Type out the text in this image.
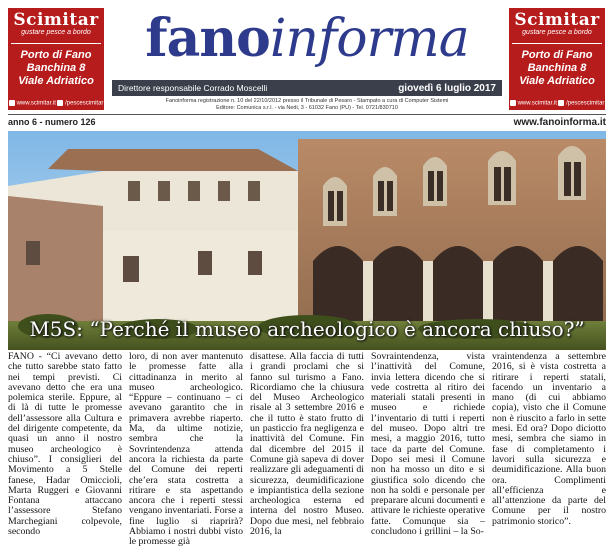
Scimitar
gustare pesce a bordo
Porto di Fano
Banchina 8
Viale Adriatico
www.scimitar.it	/pescescimitar
fanoinforma
Direttore responsabile Corrado Moscelli	giovedì 6 luglio 2017
Fanoinforma registrazione n. 10 del 22/10/2012 presso il Tribunale di Pesaro - Stampato a cura di Computer Sistemi
Editore: Comunica s.r.l. - via Nedi, 3 - 61032 Fano (PU) - Tel. 0721/830710
Scimitar
gustare pesce a bordo
Porto di Fano
Banchina 8
Viale Adriatico
www.scimitar.it	/pescescimitar
anno 6 - numero 126	www.fanoinforma.it
M5S: “Perché il museo archeologico è ancora chiuso?”
FANO - “Ci avevano detto che tutto sarebbe stato fatto nei tempi previsti. Ci avevano detto che era una polemica sterile. Eppure, al di là di tutte le promesse dell’assessore alla Cultura e del dirigente competente, da quasi un anno il nostro museo archeologico è chiuso”. I consiglieri del Movimento a 5 Stelle fanese, Hadar Omiccioli, Marta Ruggeri e Giovanni Fontana attaccano l’assessore Stefano Marchegiani colpevole, secondo
loro, di non aver mantenuto le promesse fatte alla cittadinanza in merito al museo archeologico. “Eppure – continuano – ci avevano garantito che in primavera avrebbe riaperto. Ma, da ultime notizie, sembra che la Sovrintendenza attenda ancora la richiesta da parte del Comune dei reperti che’era stata costretta a ritirare e sta aspettando ancora che i reperti stessi vengano inventariati. Forse a fine luglio si riaprirà? Abbiamo i nostri dubbi visto le promesse già
disattese. Alla faccia di tutti i grandi proclami che si fanno sul turismo a Fano. Ricordiamo che la chiusura del Museo Archeologico risale al 3 settembre 2016 e che il tutto è stato frutto di un pasticcio fra negligenza e inattività del Comune. Fin dal dicembre del 2015 il Comune già sapeva di dover realizzare gli adeguamenti di sicurezza, deumidificazione e impiantistica della sezione archeologica esterna ed interna del nostro Museo. Dopo due mesi, nel febbraio 2016, la
Sovraintendenza, vista l’inattività del Comune, invia lettera dicendo che si vede costretta al ritiro dei materiali statali presenti in museo e richiede l’inventario di tutti i reperti del museo. Dopo altri tre mesi, a maggio 2016, tutto tace da parte del Comune. Dopo sei mesi il Comune non ha mosso un dito e si giustifica solo dicendo che non ha soldi e personale per preparare alcuni documenti e attivare le richieste operative fatte. Comunque sia – concludono i grillini – la So-
vraintendenza a settembre 2016, si è vista costretta a ritirare i reperti statali, facendo un inventario a mano (di cui abbiamo copia), visto che il Comune non è riuscito a farlo in sette mesi. Ed ora? Dopo diciotto mesi, sembra che siamo in fase di completamento i lavori sulla sicurezza e deumidificazione. Alla buon ora. Complimenti all’efficienza e all’attenzione da parte del Comune per il nostro patrimonio storico”.
